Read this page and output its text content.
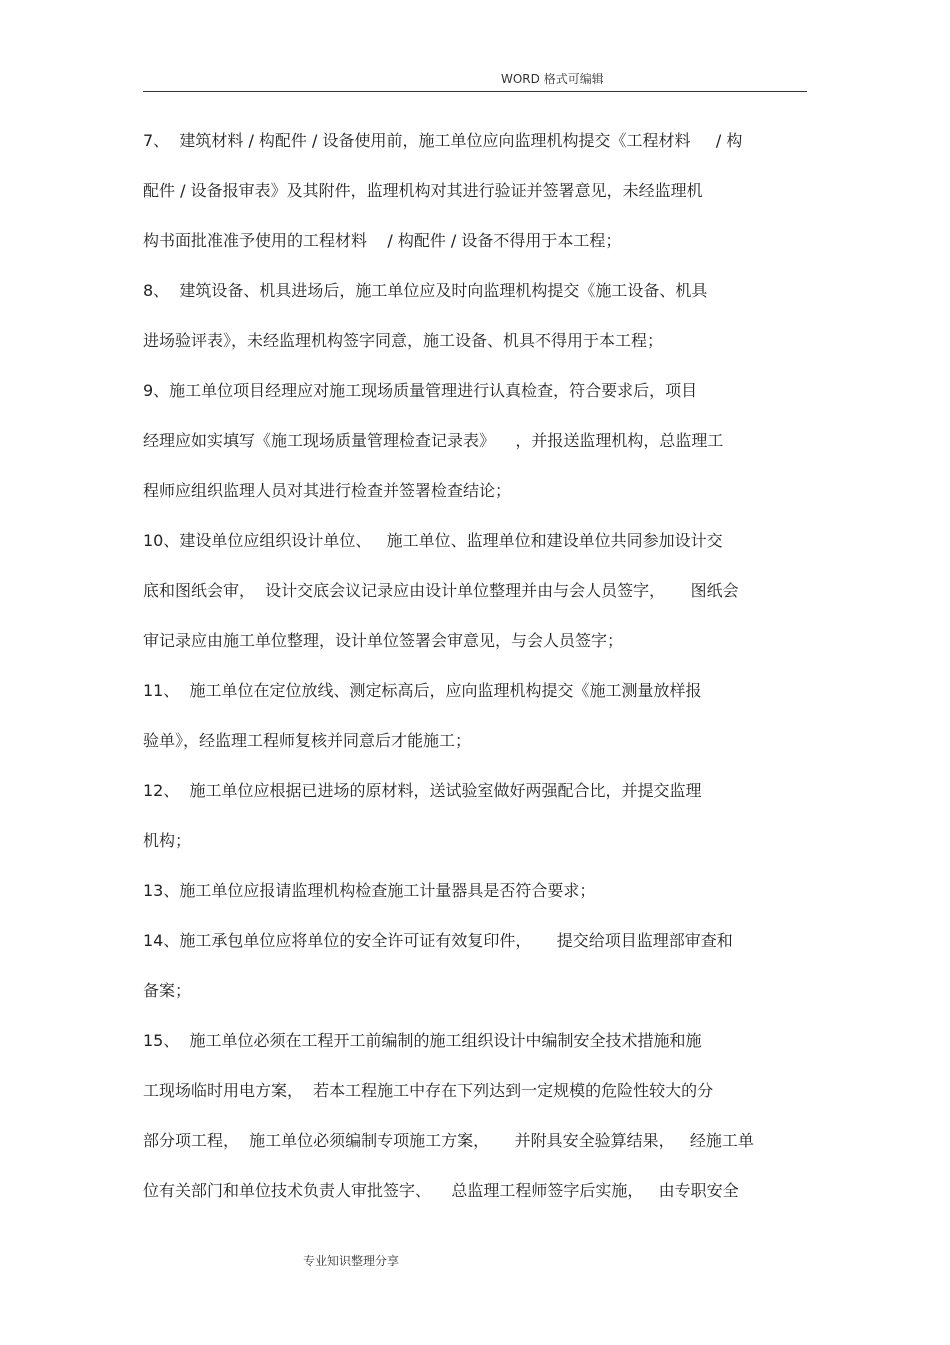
WORD 格式可编辑
7、  建筑材料 / 构配件 / 设备使用前，施工单位应向监理机构提交《工程材料     / 构
配件 / 设备报审表》及其附件，监理机构对其进行验证并签署意见，未经监理机
构书面批准准予使用的工程材料    / 构配件 / 设备不得用于本工程；
8、  建筑设备、机具进场后，施工单位应及时向监理机构提交《施工设备、机具
进场验评表》，未经监理机构签字同意，施工设备、机具不得用于本工程；
9、施工单位项目经理应对施工现场质量管理进行认真检查，符合要求后，项目
经理应如实填写《施工现场质量管理检查记录表》    ，并报送监理机构，总监理工
程师应组织监理人员对其进行检查并签署检查结论；
10、建设单位应组织设计单位、   施工单位、监理单位和建设单位共同参加设计交
底和图纸会审，  设计交底会议记录应由设计单位整理并由与会人员签字，     图纸会
审记录应由施工单位整理，设计单位签署会审意见，与会人员签字；
11、  施工单位在定位放线、测定标高后，应向监理机构提交《施工测量放样报
验单》，经监理工程师复核并同意后才能施工；
12、  施工单位应根据已进场的原材料，送试验室做好两强配合比，并提交监理
机构；
13、施工单位应报请监理机构检查施工计量器具是否符合要求；
14、施工承包单位应将单位的安全许可证有效复印件，     提交给项目监理部审查和
备案；
15、  施工单位必须在工程开工前编制的施工组织设计中编制安全技术措施和施
工现场临时用电方案，  若本工程施工中存在下列达到一定规模的危险性较大的分
部分项工程，  施工单位必须编制专项施工方案，     并附具安全验算结果，   经施工单
位有关部门和单位技术负责人审批签字、    总监理工程师签字后实施，   由专职安全
专业知识整理分享
